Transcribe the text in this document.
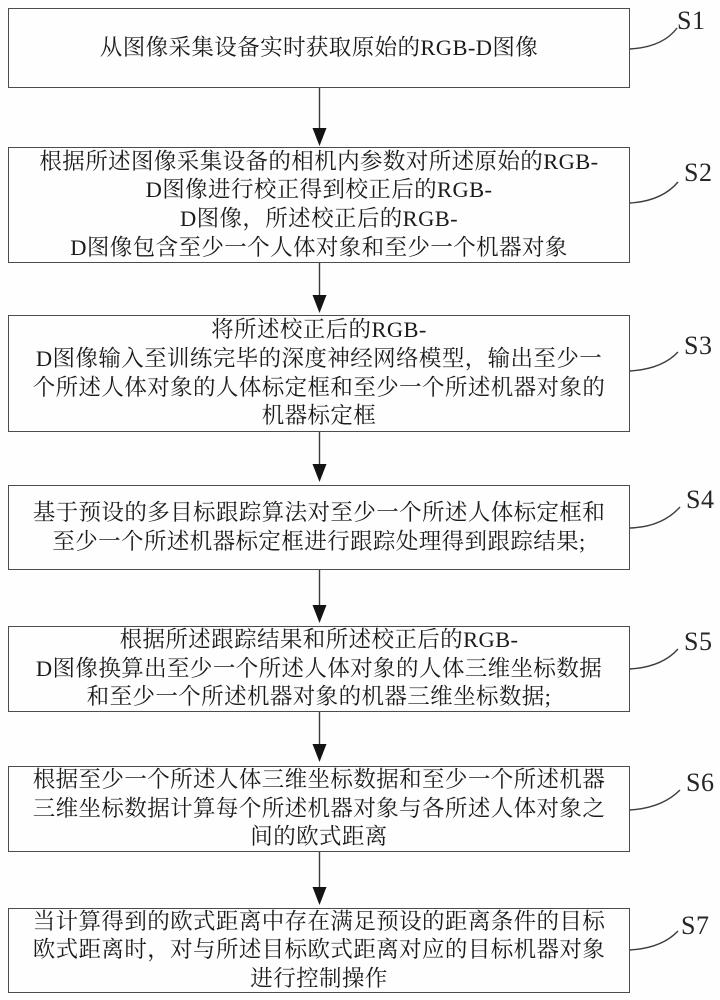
从图像采集设备实时获取原始的RGB-D图像
根据所述图像采集设备的相机内参数对所述原始的RGB-
D图像进行校正得到校正后的RGB-
D图像，所述校正后的RGB-
D图像包含至少一个人体对象和至少一个机器对象
将所述校正后的RGB-
D图像输入至训练完毕的深度神经网络模型，输出至少一
个所述人体对象的人体标定框和至少一个所述机器对象的
机器标定框
基于预设的多目标跟踪算法对至少一个所述人体标定框和
至少一个所述机器标定框进行跟踪处理得到跟踪结果;
根据所述跟踪结果和所述校正后的RGB-
D图像换算出至少一个所述人体对象的人体三维坐标数据
和至少一个所述机器对象的机器三维坐标数据;
根据至少一个所述人体三维坐标数据和至少一个所述机器
三维坐标数据计算每个所述机器对象与各所述人体对象之
间的欧式距离
当计算得到的欧式距离中存在满足预设的距离条件的目标
欧式距离时，对与所述目标欧式距离对应的目标机器对象
进行控制操作
S1
S2
S3
S4
S5
S6
S7
